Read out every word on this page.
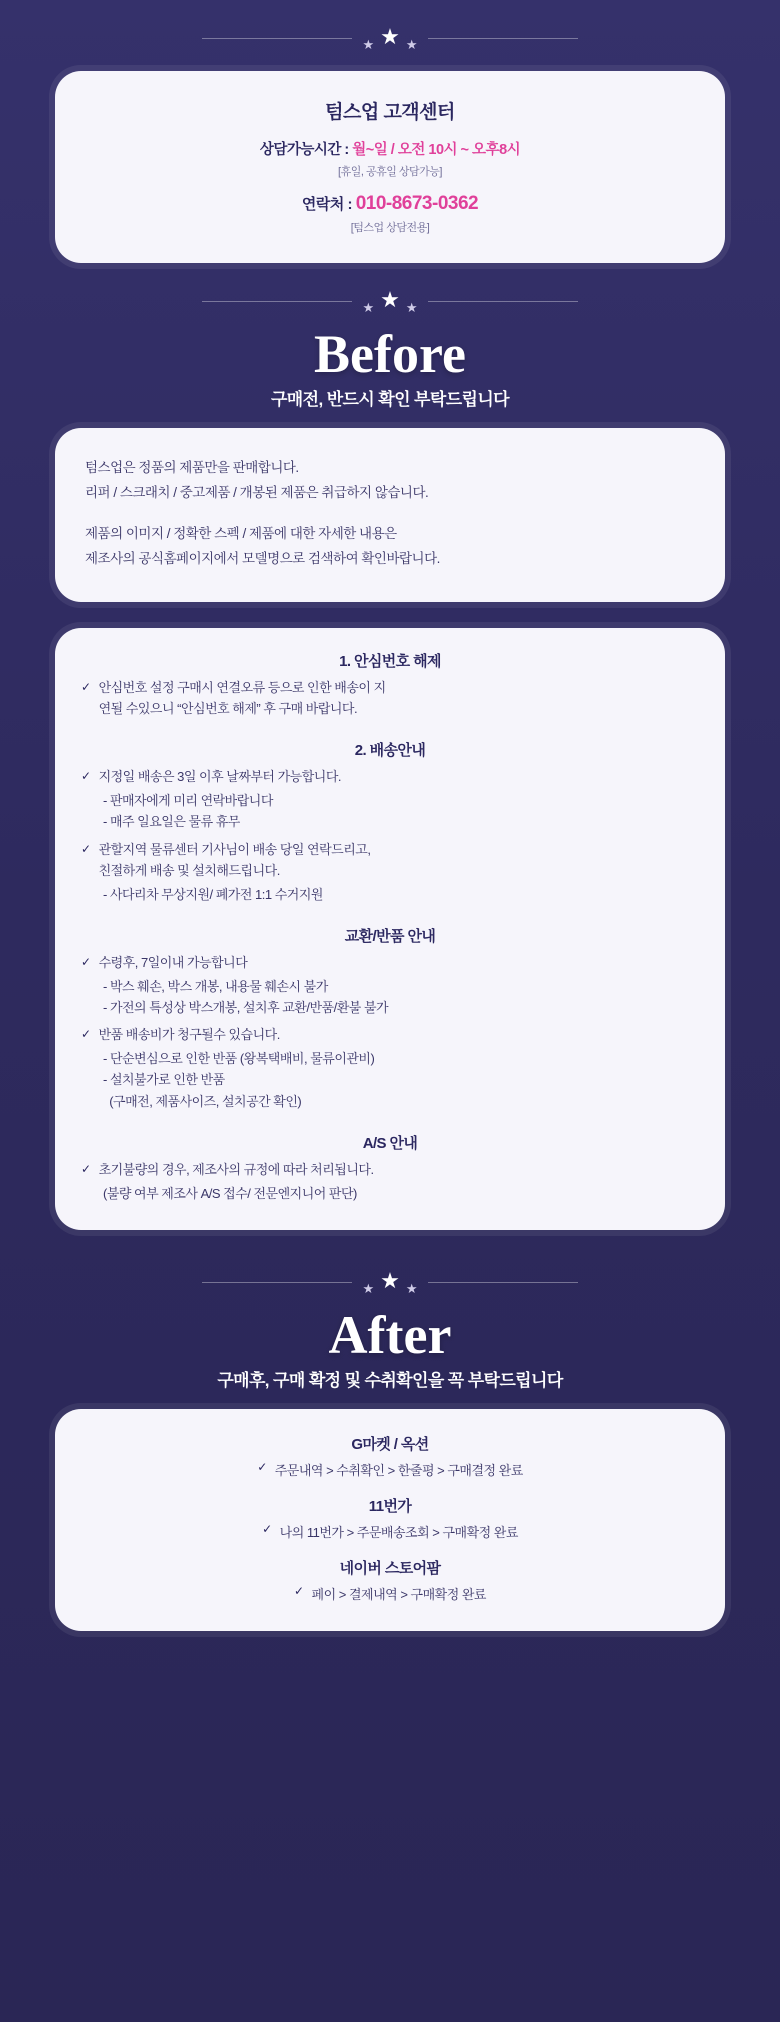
★ ★ ★
텀스업 고객센터
상담가능시간 : 월~일 / 오전 10시 ~ 오후8시
[휴일, 공휴일 상담가능]
연락처 : 010-8673-0362
[텀스업 상담전용]
★ ★ ★
Before
구매전, 반드시 확인 부탁드립니다

텀스업은 정품의 제품만을 판매합니다.

리퍼 / 스크래치 / 중고제품 / 개봉된 제품은 취급하지 않습니다.

제품의 이미지 / 정확한 스펙 / 제품에 대한 자세한 내용은

제조사의 공식홈페이지에서 모델명으로 검색하여 확인바랍니다.

1. 안심번호 해제
✓ 안심번호 설정 구매시 연결오류 등으로 인한 배송이 지
연될 수있으니 “안심번호 해제” 후 구매 바랍니다.
2. 배송안내
✓ 지정일 배송은 3일 이후 날짜부터 가능합니다.
- 판매자에게 미리 연락바랍니다
- 매주 일요일은 물류 휴무
✓ 관할지역 물류센터 기사님이 배송 당일 연락드리고,
친절하게 배송 및 설치해드립니다.
- 사다리차 무상지원/ 폐가전 1:1 수거지원
교환/반품 안내
✓ 수령후, 7일이내 가능합니다
- 박스 훼손, 박스 개봉, 내용물 훼손시 불가
- 가전의 특성상 박스개봉, 설치후 교환/반품/환불 불가
✓ 반품 배송비가 청구될수 있습니다.
- 단순변심으로 인한 반품 (왕복택배비, 물류이관비)
- 설치불가로 인한 반품
(구매전, 제품사이즈, 설치공간 확인)
A/S 안내
✓ 초기불량의 경우, 제조사의 규정에 따라 처리됩니다.
(불량 여부 제조사 A/S 접수/ 전문엔지니어 판단)
★ ★ ★
After
구매후, 구매 확정 및 수취확인을 꼭 부탁드립니다
G마켓 / 옥션
✓ 주문내역 > 수취확인 > 한줄평 > 구매결정 완료
11번가
✓ 나의 11번가 > 주문배송조회 > 구매확정 완료
네이버 스토어팜
✓ 페이 > 결제내역 > 구매확정 완료
